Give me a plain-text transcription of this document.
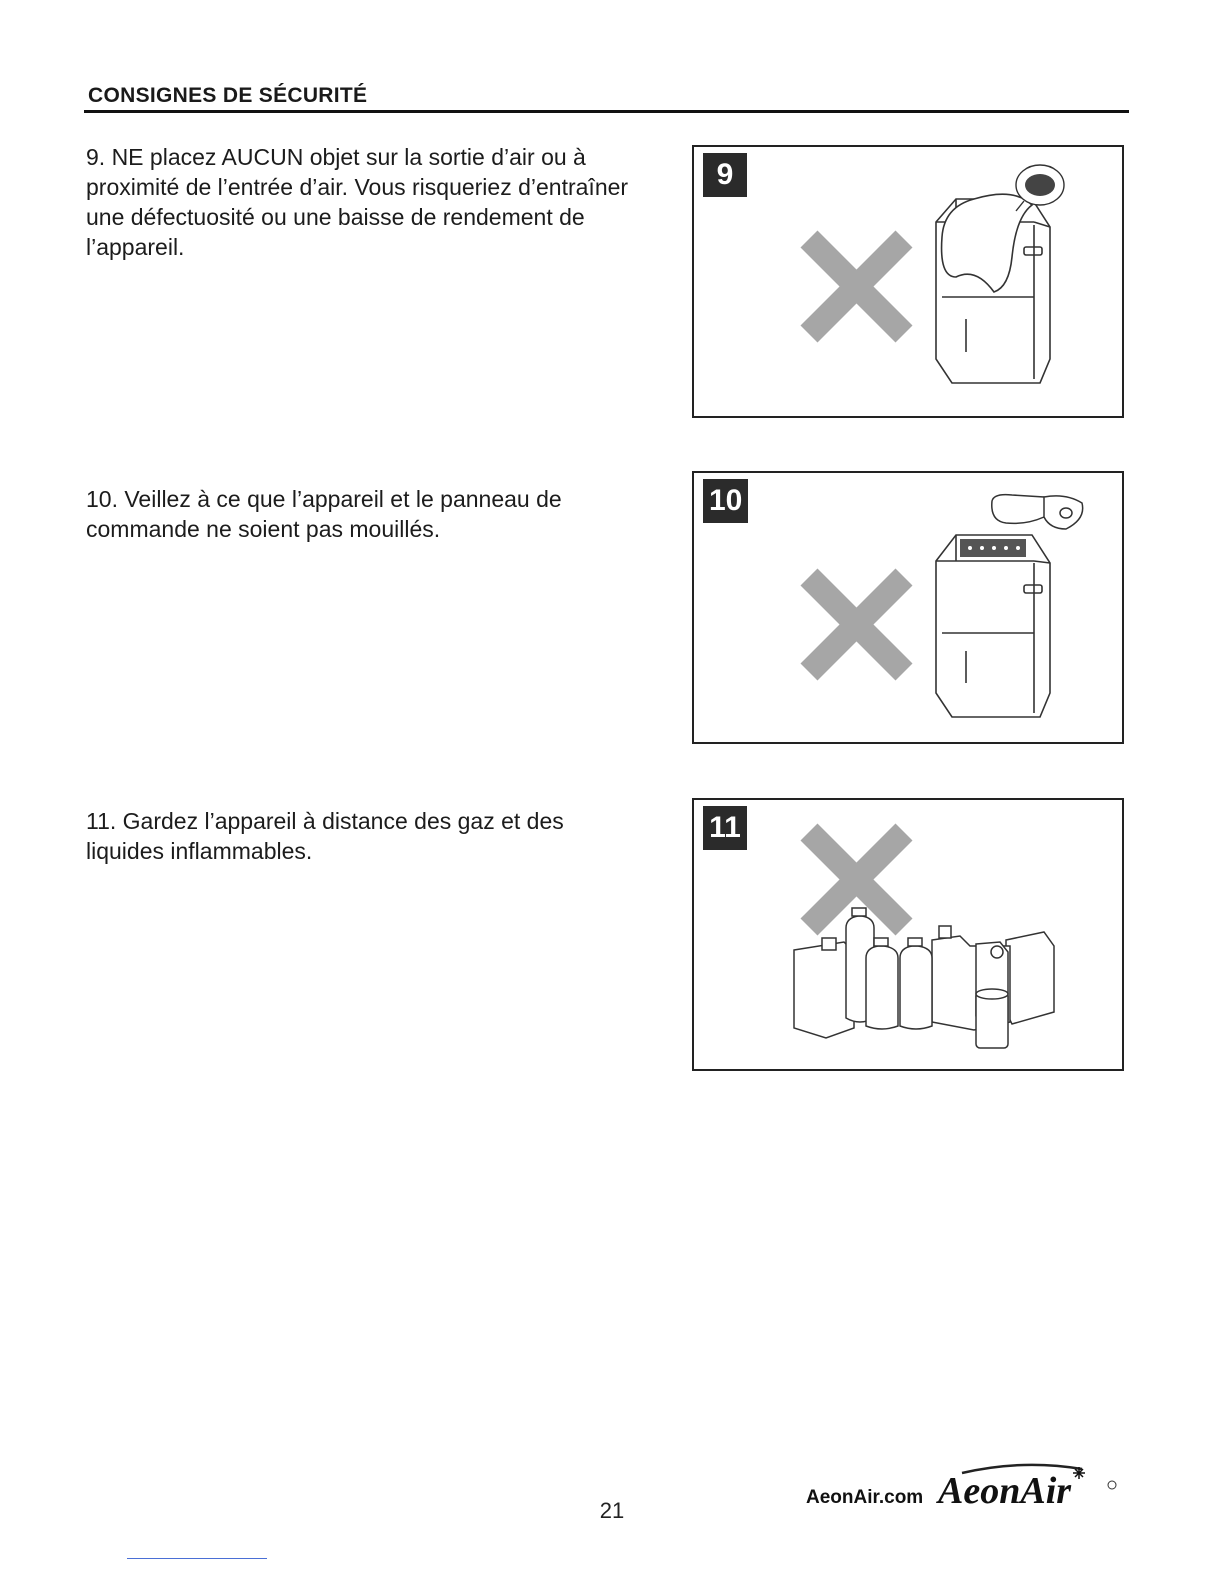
CONSIGNES DE SÉCURITÉ
9. NE placez AUCUN objet sur la sortie d’air ou à proximité de l’entrée d’air. Vous risqueriez d’entraîner une défectuosité ou une baisse de rendement de l’appareil.
9
10. Veillez à ce que l’appareil et le panneau de commande ne soient pas mouillés.
10
11. Gardez l’appareil à distance des gaz et des liquides inflammables.
11
21
AeonAir.com AeonAir
